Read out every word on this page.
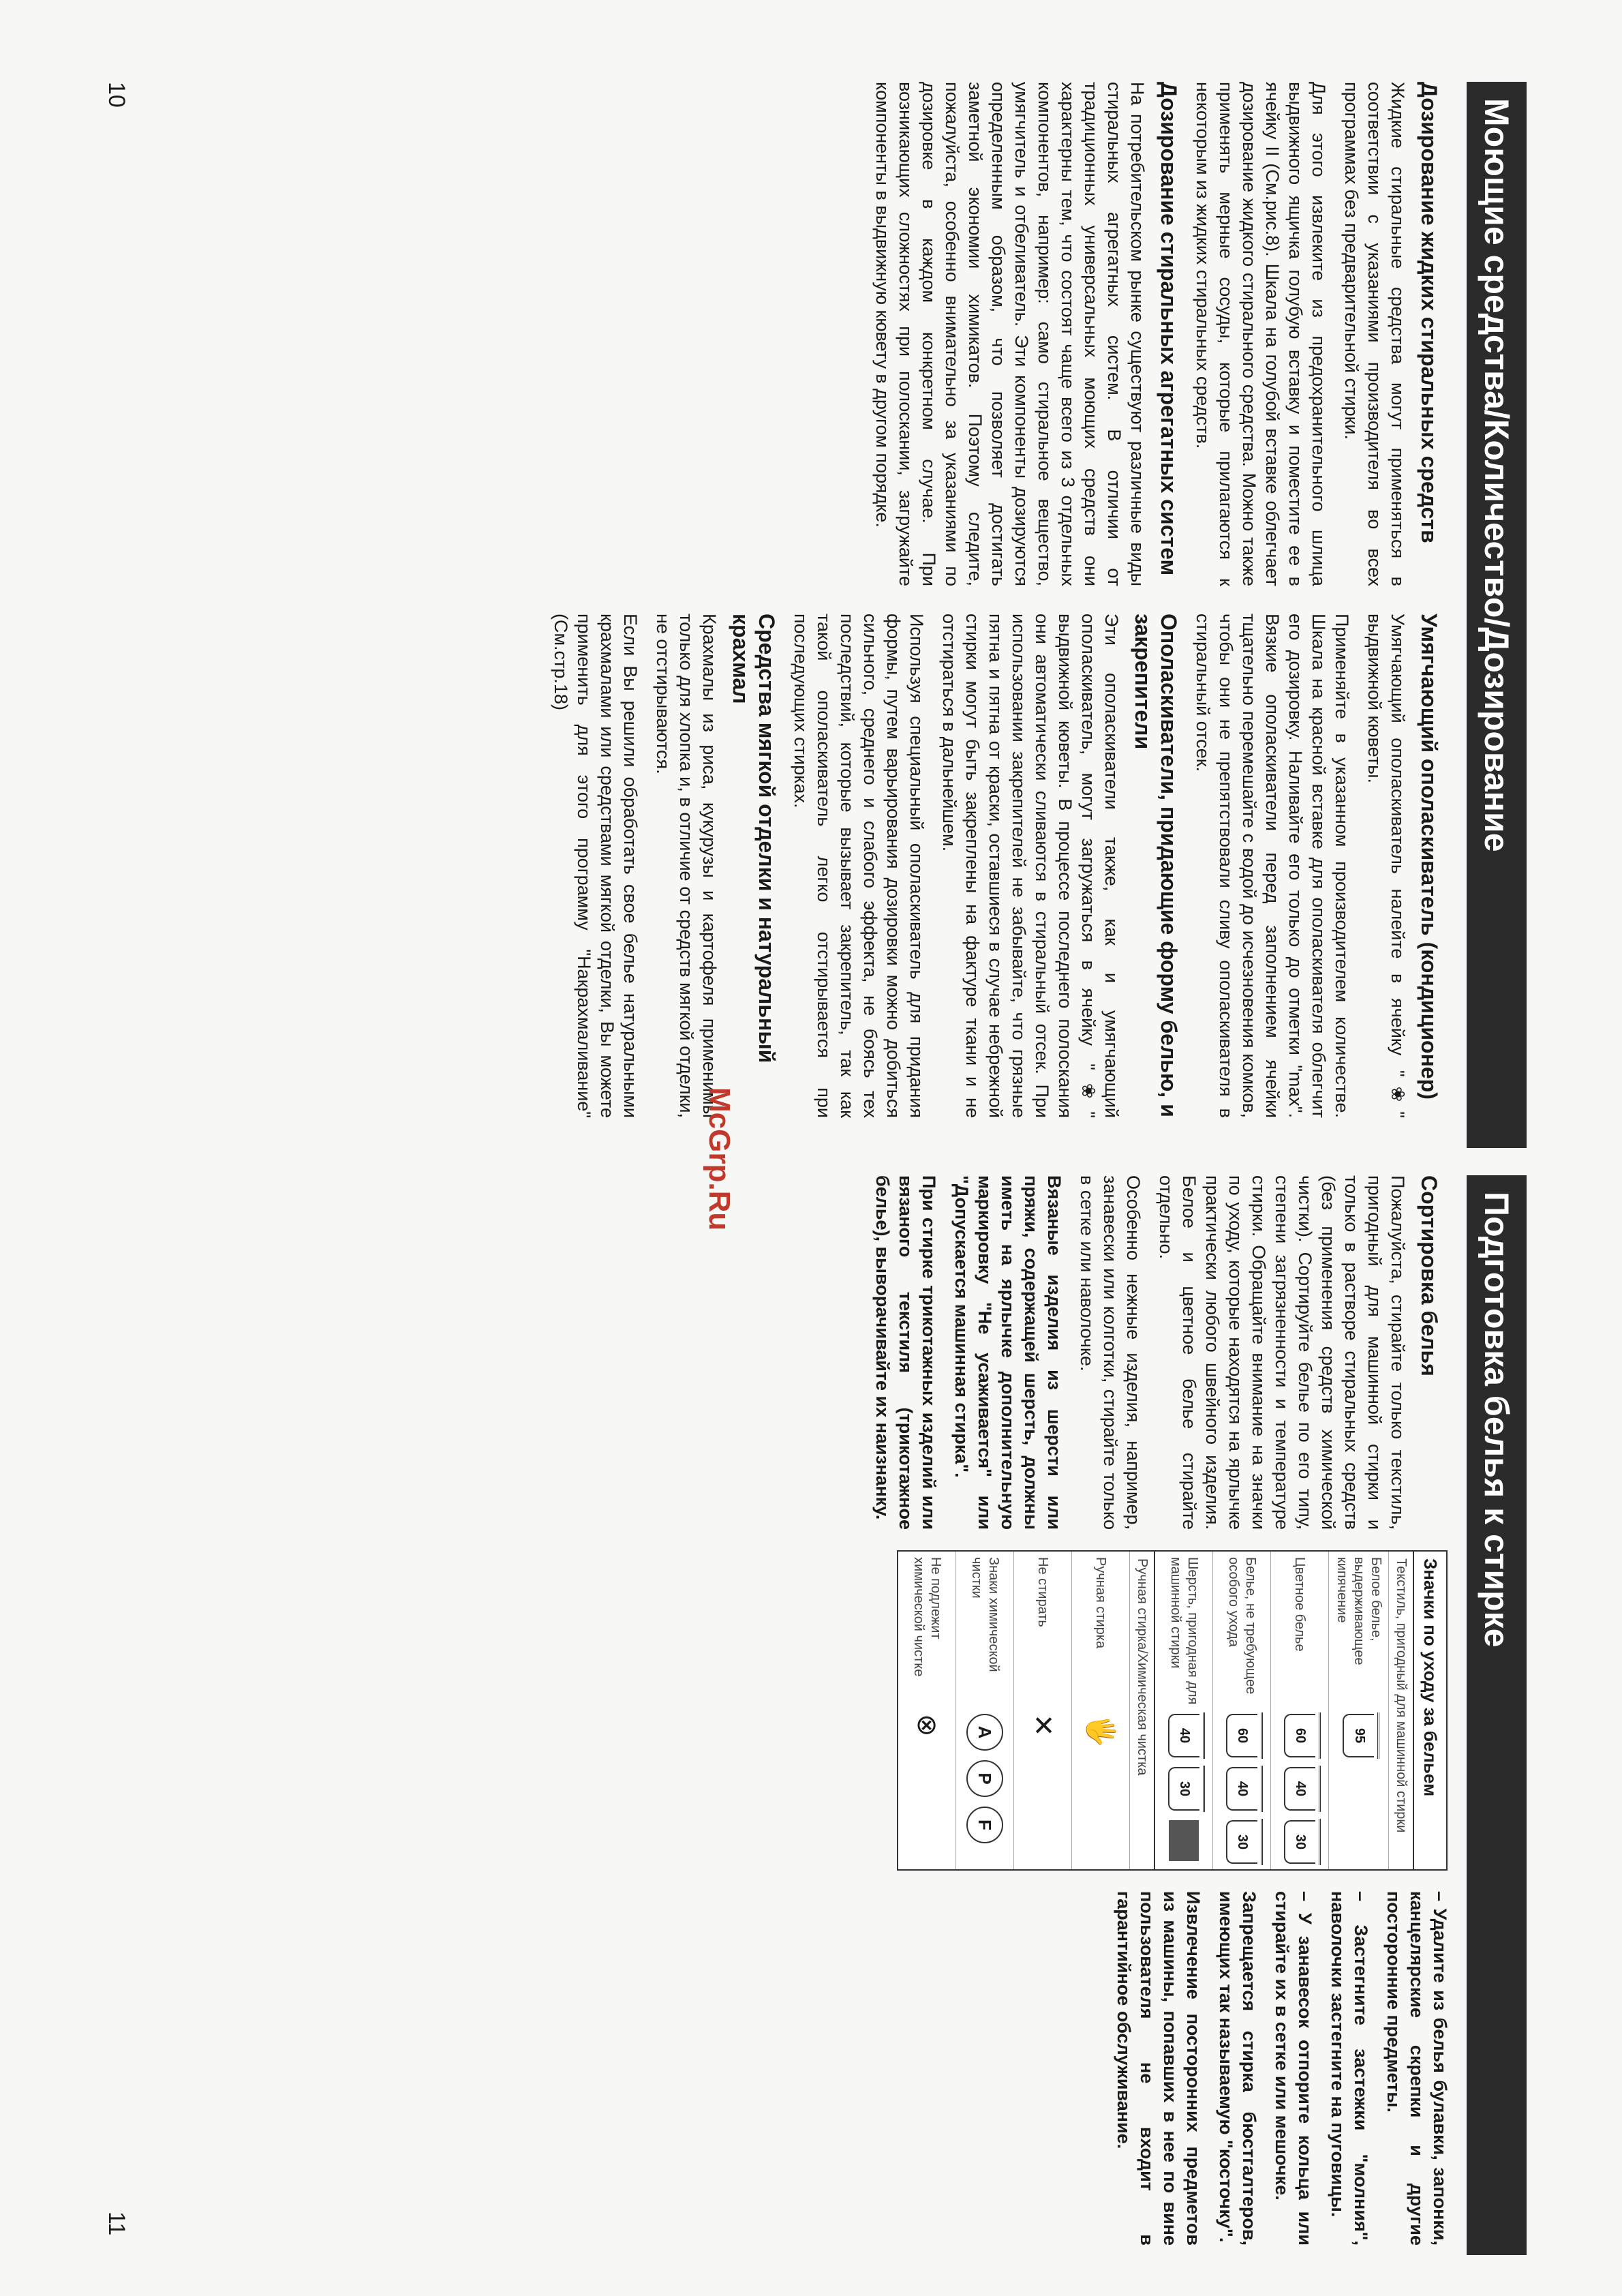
Моющие средства/Количество/Дозирование
Дозирование жидких стиральных средств

Жидкие стиральные средства могут применяться в соответствии с указаниями производителя во всех программах без предварительной стирки.

Для этого извлеките из предохранительного шлица выдвижного ящичка голубую вставку и поместите ее в ячейку II (См.рис.8). Шкала на голубой вставке облегчает дозирование жидкого стирального средства. Можно также применять мерные сосуды, которые прилагаются к некоторым из жидких стиральных средств.

Дозирование стиральных агрегатных систем

На потребительском рынке существуют различные виды стиральных агрегатных систем. В отличии от традиционных универсальных моющих средств они характерны тем, что состоят чаще всего из 3 отдельных компонентов, например: само стиральное вещество, умягчитель и отбеливатель. Эти компоненты дозируются определенным образом, что позволяет достигать заметной экономии химикатов. Поэтому следите, пожалуйста, особенно внимательно за указаниями по дозировке в каждом конкретном случае. При возникающих сложностях при полоскании, загружайте компоненты в выдвижную кювету в другом порядке.

Умягчающий ополаскиватель (кондиционер)

Умягчающий ополаскиватель налейте в ячейку "❀" выдвижной кюветы.

Применяйте в указанном производителем количестве. Шкала на красной вставке для ополаскивателя облегчит его дозировку. Наливайте его только до отметки "max". Вязкие ополаскиватели перед заполнением ячейки тщательно перемешайте с водой до исчезновения комков, чтобы они не препятствовали сливу ополаскивателя в стиральный отсек.

Ополаскиватели, придающие форму белью, и закрепители

Эти ополаскиватели также, как и умягчающий ополаскиватель, могут загружаться в ячейку "❀" выдвижной кюветы. В процессе последнего полоскания они автоматически сливаются в стиральный отсек. При использовании закрепителей не забывайте, что грязные пятна и пятна от краски, оставшиеся в случае небрежной стирки могут быть закреплены на фактуре ткани и не отстираться в дальнейшем.

Используя специальный ополаскиватель для придания формы, путем варьирования дозировки можно добиться сильного, среднего и слабого эффекта, не боясь тех последствий, которые вызывает закрепитель, так как такой ополаскиватель легко отстирывается при последующих стирках.

Средства мягкой отделки и натуральный крахмал

Крахмалы из риса, кукурузы и картофеля применимы только для хлопка и, в отличие от средств мягкой отделки, не отстирываются.

Если Вы решили обработать свое белье натуральными крахмалами или средствами мягкой отделки, Вы можете применить для этого программу "Накрахмаливание" (См.стр.18)

10
Подготовка белья к стирке
Сортировка белья

Пожалуйста, стирайте только текстиль, пригодный для машинной стирки и только в растворе стиральных средств (без применения средств химической чистки). Сортируйте белье по его типу, степени загрязненности и температуре стирки. Обращайте внимание на значки по уходу, которые находятся на ярлычке практически любого швейного изделия. Белое и цветное белье стирайте отдельно.

Особенно нежные изделия, например, занавески или колготки, стирайте только в сетке или наволочке.

Вязаные изделия из шерсти или пряжи, содержащей шерсть, должны иметь на ярлычке дополнительную маркировку "Не усаживается" или "Допускается машинная стирка".

При стирке трикотажных изделий или вязаного текстиля (трикотажное белье), выворачивайте их наизнанку.

Значки по уходу за бельем
Текстиль, пригодный для машинной стирки
Белое белье, выдерживающее кипячение
95
Цветное белье
60
40
30
Белье, не требующее особого ухода
60
40
30
Шерсть, пригодная для машинной стирки
40
30
Ручная стирка/Химическая чистка
Ручная стирка
🖐
Не стирать
✕
Знаки химической чистки
A
P
F
Не подлежит химической чистке
⊗

– Удалите из белья булавки, запонки, канцелярские скрепки и другие посторонние предметы.

– Застегните застежки "молния", наволочки застегните на пуговицы.

– У занавесок отпорите кольца или стирайте их в сетке или мешочке.

Запрещается стирка бюстгалтеров, имеющих так называемую "косточку".

Извлечение посторонних предметов из машины, попавших в нее по вине пользователя не входит в гарантийное обслуживание.

11
McGrp.Ru
